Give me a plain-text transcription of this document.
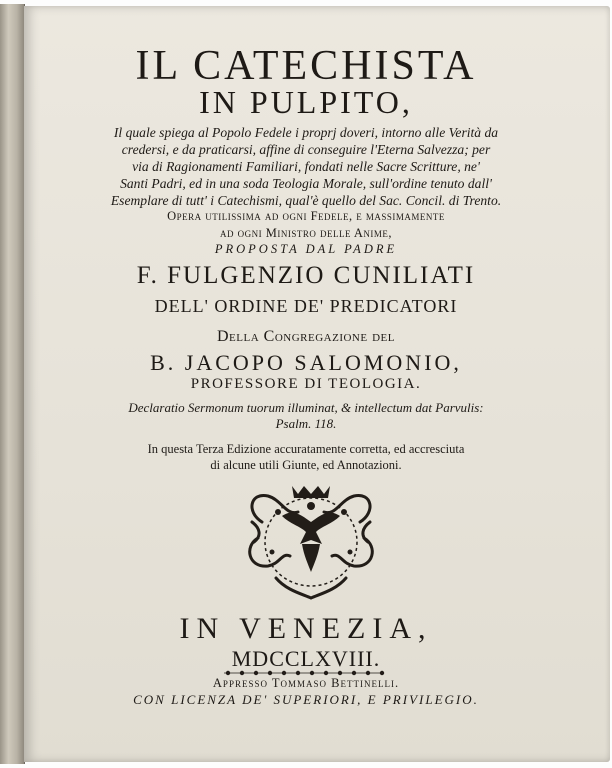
IL CATECHISTA
IN PULPITO,
Il quale spiega al Popolo Fedele i proprj doveri, intorno alle Verità da
credersi, e da praticarsi, affine di conseguire l'Eterna Salvezza; per
via di Ragionamenti Familiari, fondati nelle Sacre Scritture, ne'
Santi Padri, ed in una soda Teologia Morale, sull'ordine tenuto dall'
Esemplare di tutt' i Catechismi, qual'è quello del Sac. Concil. di Trento.
Opera utilissima ad ogni Fedele, e massimamente
ad ogni Ministro delle Anime,
PROPOSTA DAL PADRE
F. FULGENZIO CUNILIATI
DELL' ORDINE DE' PREDICATORI
Della Congregazione del
B. JACOPO SALOMONIO,
PROFESSORE DI TEOLOGIA.
Declaratio Sermonum tuorum illuminat, & intellectum dat Parvulis:
Psalm. 118.
In questa Terza Edizione accuratamente corretta, ed accresciuta
di alcune utili Giunte, ed Annotazioni.
IN VENEZIA,
MDCCLXVIII.
Appresso Tommaso Bettinelli.
CON LICENZA DE' SUPERIORI, E PRIVILEGIO.
